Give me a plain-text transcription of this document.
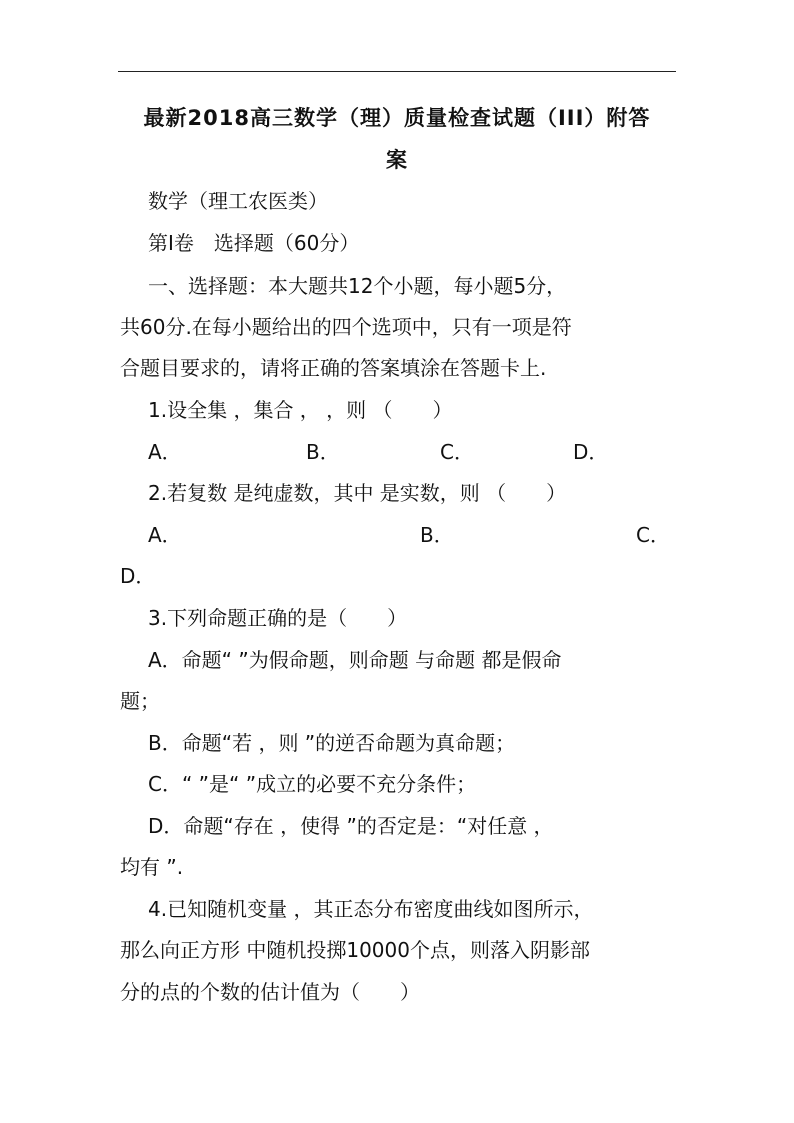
最新2018高三数学（理）质量检查试题（III）附答
案
数学（理工农医类）
第Ⅰ卷　选择题（60分）
一、选择题：本大题共12个小题，每小题5分，
共60分.在每小题给出的四个选项中，只有一项是符
合题目要求的，请将正确的答案填涂在答题卡上.
1.设全集 ，集合 ， ，则 （　　）
A．	B．	C．	D．
2.若复数 是纯虚数，其中 是实数，则 （　　）
A．	B．	C．
D．
3.下列命题正确的是（　　）
A．命题“ ”为假命题，则命题 与命题 都是假命
题；
B．命题“若 ，则 ”的逆否命题为真命题；
C．“ ”是“ ”成立的必要不充分条件；
D．命题“存在 ，使得 ”的否定是：“对任意 ，
均有 ”.
4.已知随机变量 ，其正态分布密度曲线如图所示，
那么向正方形 中随机投掷10000个点，则落入阴影部
分的点的个数的估计值为（　　）
